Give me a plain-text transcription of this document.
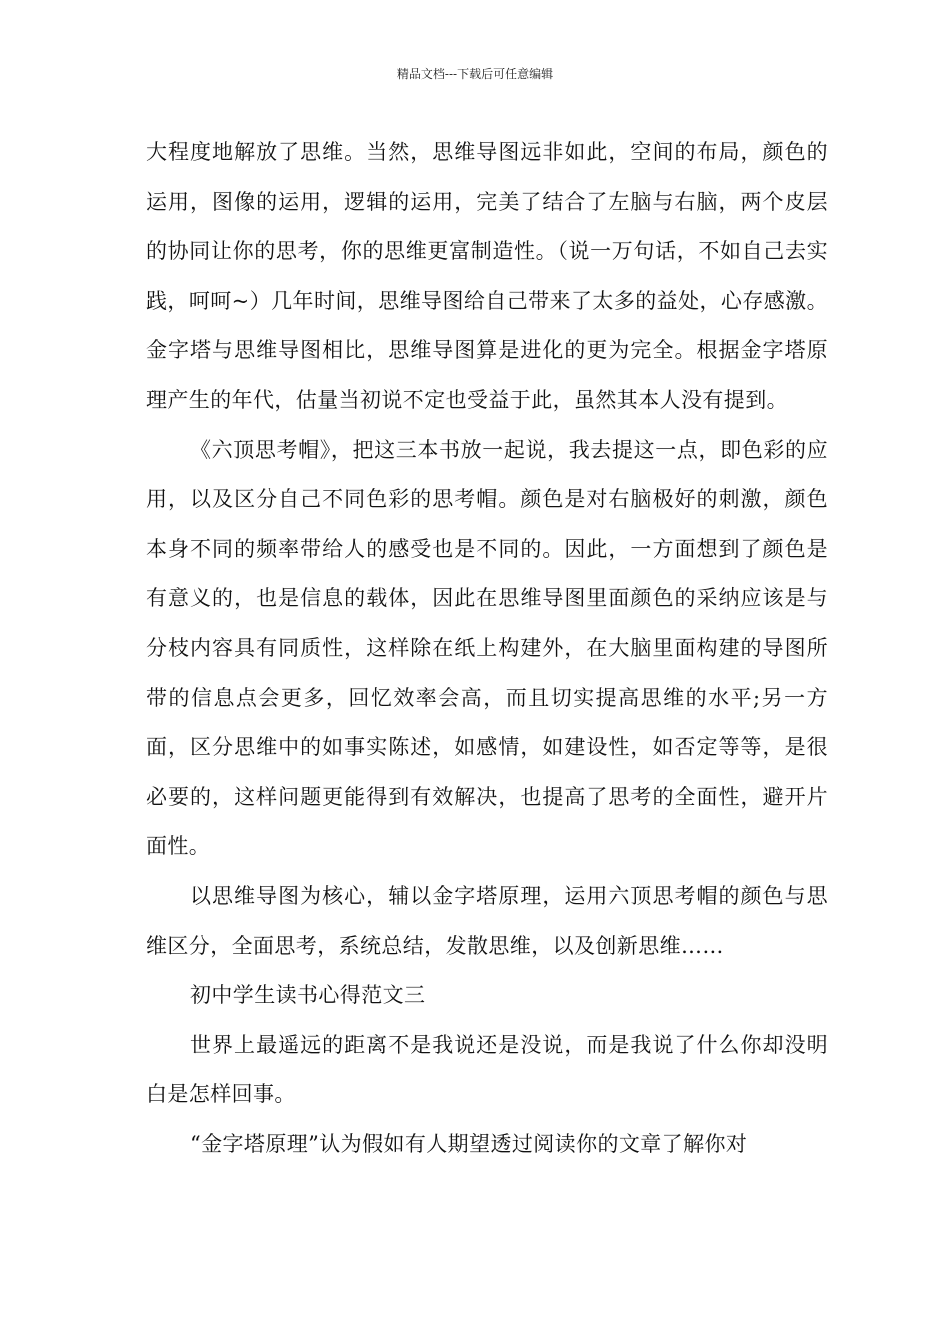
精品文档---下载后可任意编辑

大程度地解放了思维。当然，思维导图远非如此，空间的布局，颜色的运用，图像的运用，逻辑的运用，完美了结合了左脑与右脑，两个皮层的协同让你的思考，你的思维更富制造性。（说一万句话，不如自己去实践，呵呵~）几年时间，思维导图给自己带来了太多的益处，心存感激。金字塔与思维导图相比，思维导图算是进化的更为完全。根据金字塔原理产生的年代，估量当初说不定也受益于此，虽然其本人没有提到。

《六顶思考帽》，把这三本书放一起说，我去提这一点，即色彩的应用，以及区分自己不同色彩的思考帽。颜色是对右脑极好的刺激，颜色本身不同的频率带给人的感受也是不同的。因此，一方面想到了颜色是有意义的，也是信息的载体，因此在思维导图里面颜色的采纳应该是与分枝内容具有同质性，这样除在纸上构建外，在大脑里面构建的导图所带的信息点会更多，回忆效率会高，而且切实提高思维的水平;另一方面，区分思维中的如事实陈述，如感情，如建设性，如否定等等，是很必要的，这样问题更能得到有效解决，也提高了思考的全面性，避开片面性。

以思维导图为核心，辅以金字塔原理，运用六顶思考帽的颜色与思维区分，全面思考，系统总结，发散思维，以及创新思维……

初中学生读书心得范文三

世界上最遥远的距离不是我说还是没说，而是我说了什么你却没明白是怎样回事。

“金字塔原理”认为假如有人期望透过阅读你的文章了解你对
